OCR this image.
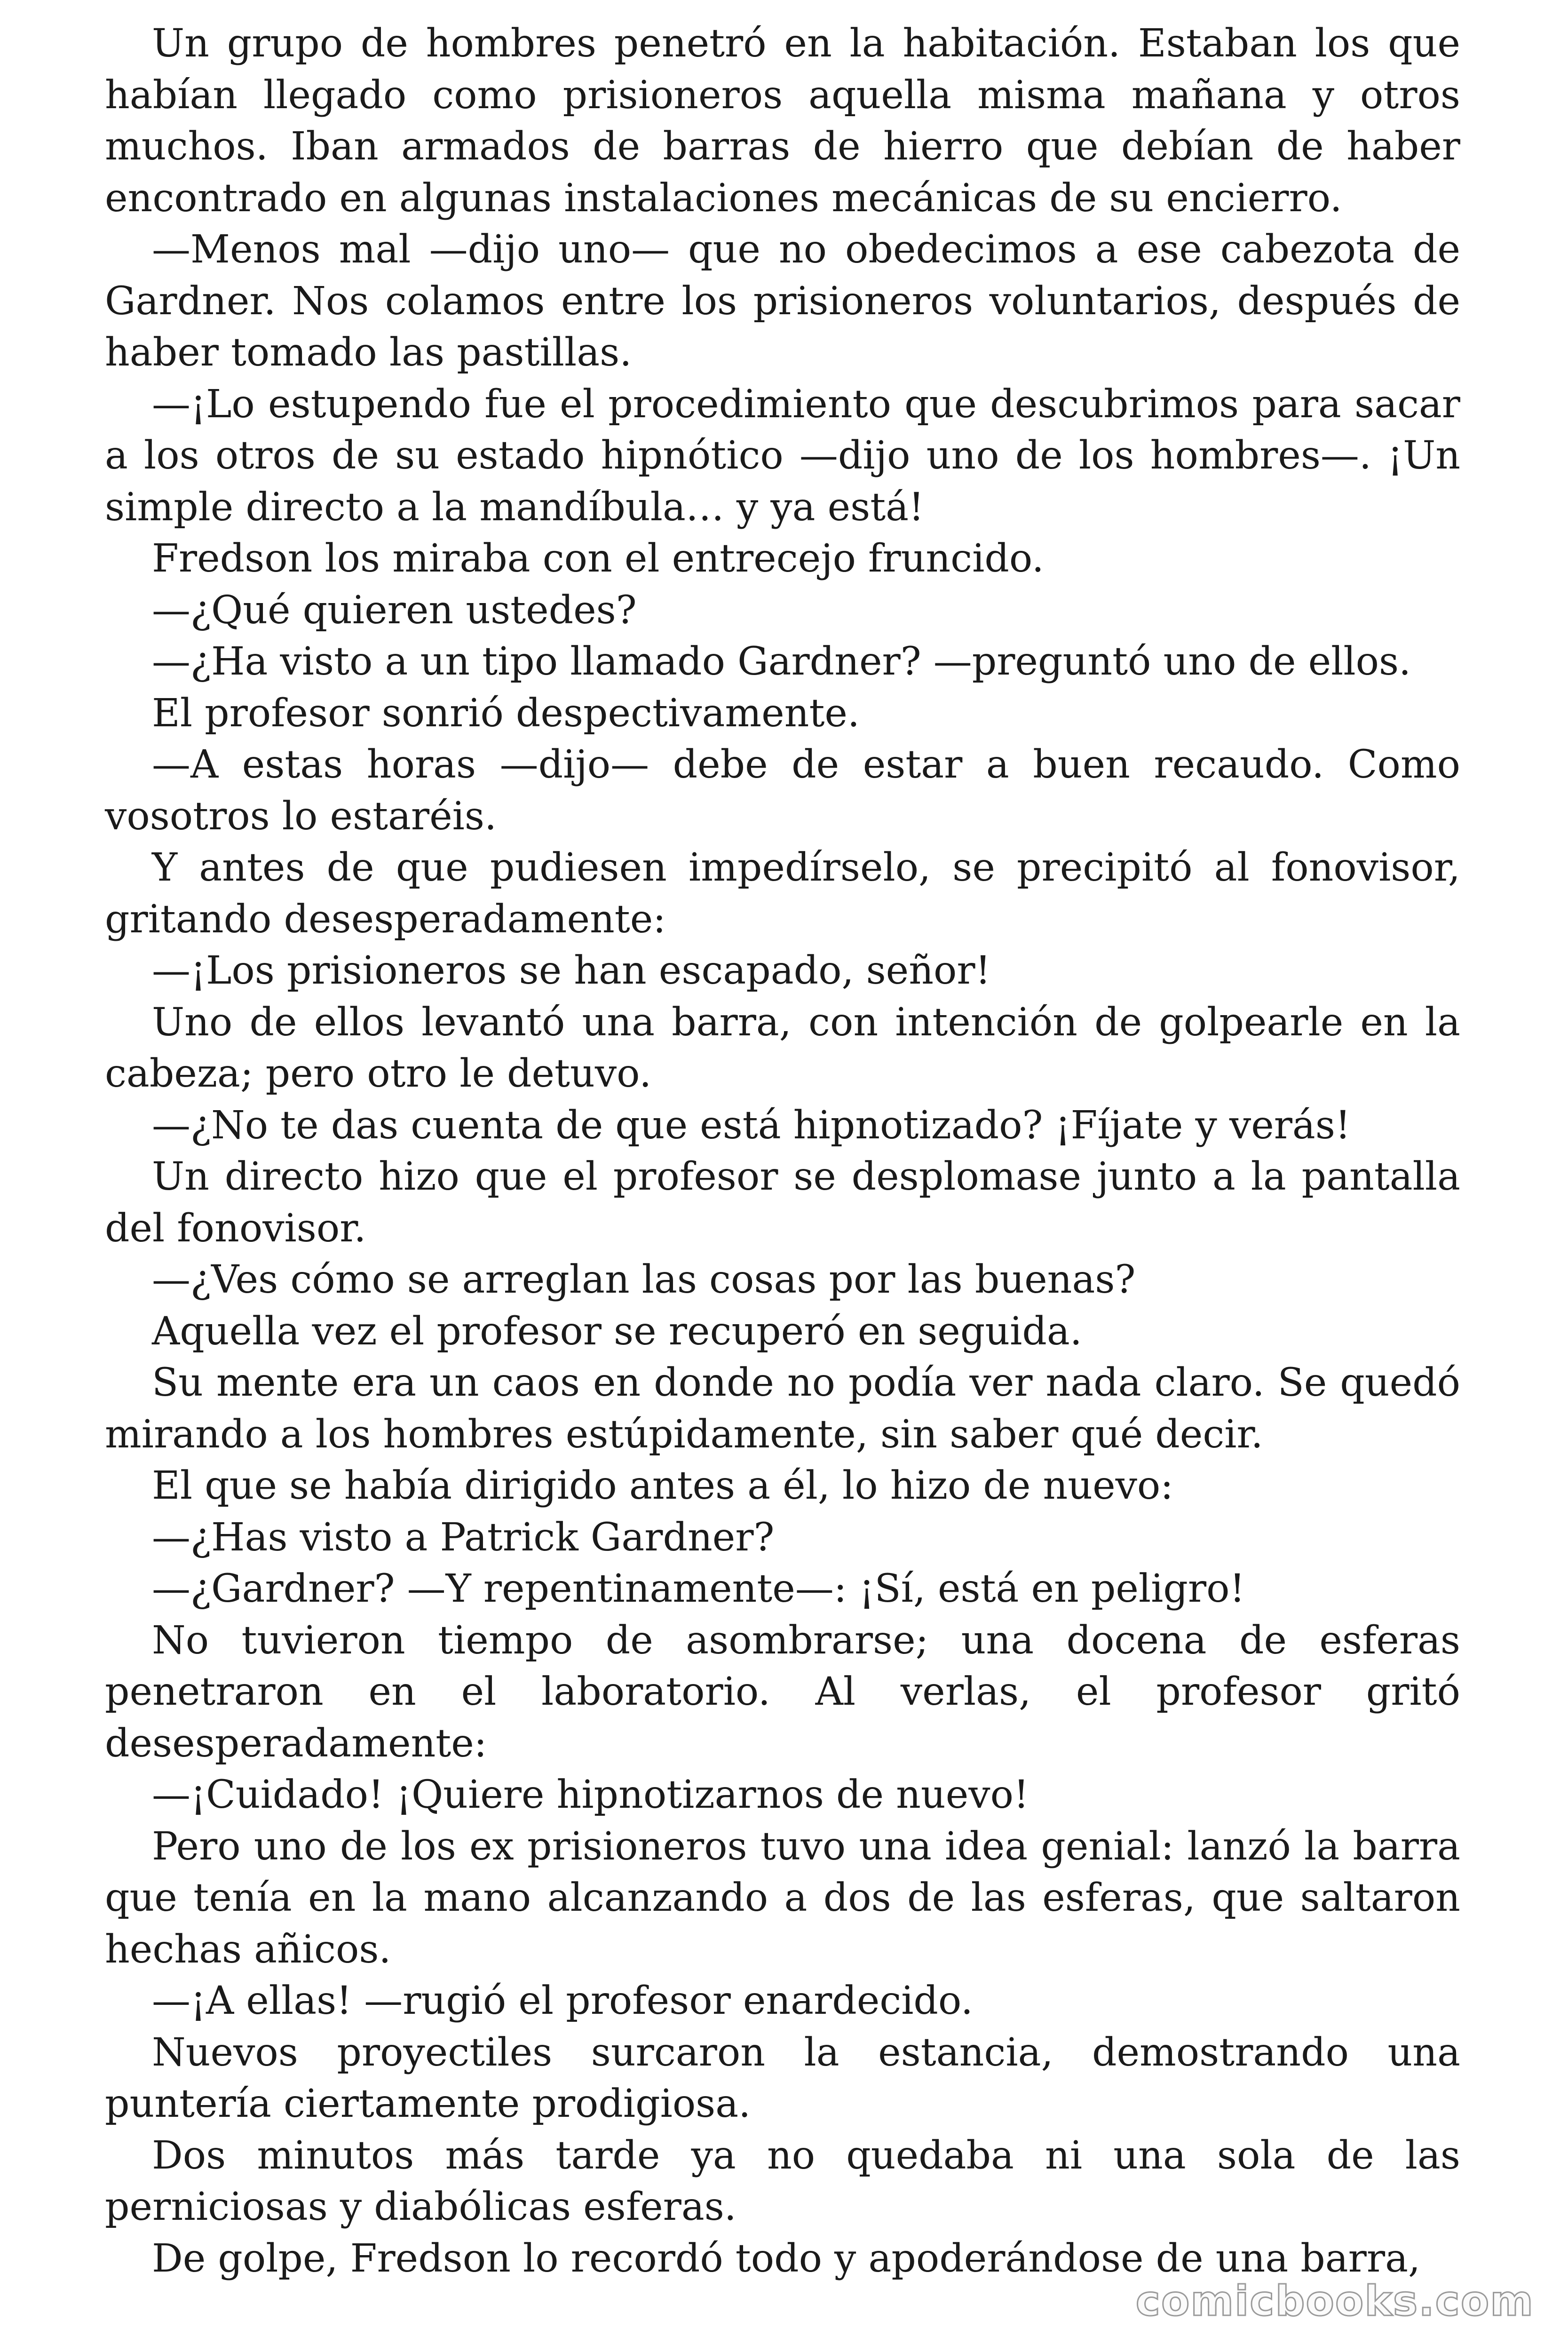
Un grupo de hombres penetró en la habitación. Estaban los que habían llegado como prisioneros aquella misma mañana y otros muchos. Iban armados de barras de hierro que debían de haber encontrado en algunas instalaciones mecánicas de su encierro.

—Menos mal —dijo uno— que no obedecimos a ese cabezota de Gardner. Nos colamos entre los prisioneros voluntarios, después de haber tomado las pastillas.

—¡Lo estupendo fue el procedimiento que descubrimos para sacar a los otros de su estado hipnótico —dijo uno de los hombres—. ¡Un simple directo a la mandíbula… y ya está!

Fredson los miraba con el entrecejo fruncido.

—¿Qué quieren ustedes?

—¿Ha visto a un tipo llamado Gardner? —preguntó uno de ellos.

El profesor sonrió despectivamente.

—A estas horas —dijo— debe de estar a buen recaudo. Como vosotros lo estaréis.

Y antes de que pudiesen impedírselo, se precipitó al fonovisor, gritando desesperadamente:

—¡Los prisioneros se han escapado, señor!

Uno de ellos levantó una barra, con intención de golpearle en la cabeza; pero otro le detuvo.

—¿No te das cuenta de que está hipnotizado? ¡Fíjate y verás!

Un directo hizo que el profesor se desplomase junto a la pantalla del fonovisor.

—¿Ves cómo se arreglan las cosas por las buenas?

Aquella vez el profesor se recuperó en seguida.

Su mente era un caos en donde no podía ver nada claro. Se quedó mirando a los hombres estúpidamente, sin saber qué decir.

El que se había dirigido antes a él, lo hizo de nuevo:

—¿Has visto a Patrick Gardner?

—¿Gardner? —Y repentinamente—: ¡Sí, está en peligro!

No tuvieron tiempo de asombrarse; una docena de esferas penetraron en el laboratorio. Al verlas, el profesor gritó desesperadamente:

—¡Cuidado! ¡Quiere hipnotizarnos de nuevo!

Pero uno de los ex prisioneros tuvo una idea genial: lanzó la barra que tenía en la mano alcanzando a dos de las esferas, que saltaron hechas añicos.

—¡A ellas! —rugió el profesor enardecido.

Nuevos proyectiles surcaron la estancia, demostrando una puntería ciertamente prodigiosa.

Dos minutos más tarde ya no quedaba ni una sola de las perniciosas y diabólicas esferas.

De golpe, Fredson lo recordó todo y apoderándose de una barra,

comicbooks.com
